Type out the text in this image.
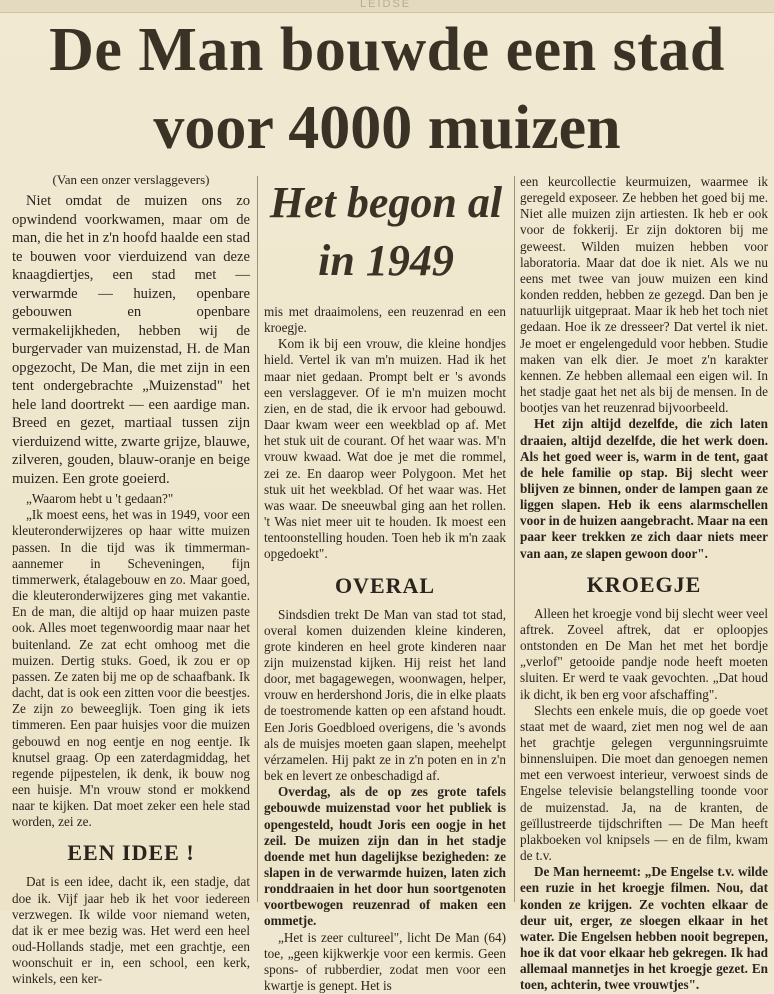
LEIDSE
De Man bouwde een stad
voor 4000 muizen

(Van een onzer verslaggevers)

Niet omdat de muizen ons zo opwindend voorkwamen, maar om de man, die het in z'n hoofd haalde een stad te bouwen voor vierduizend van deze knaagdiertjes, een stad met — verwarmde — huizen, openbare gebouwen en openbare vermakelijkheden, hebben wij de burgervader van muizenstad, H. de Man opgezocht, De Man, die met zijn in een tent ondergebrachte „Muizenstad" het hele land doortrekt — een aardige man. Breed en gezet, martiaal tussen zijn vierduizend witte, zwarte grijze, blauwe, zilveren, gouden, blauw-oranje en beige muizen. Een grote goeierd.

„Waarom hebt u 't gedaan?"

„Ik moest eens, het was in 1949, voor een kleuteronderwijzeres op haar witte muizen passen. In die tijd was ik timmerman-aannemer in Scheveningen, fijn timmerwerk, étalagebouw en zo. Maar goed, die kleuteronderwijzeres ging met vakantie. En de man, die altijd op haar muizen paste ook. Alles moet tegenwoordig maar naar het buitenland. Ze zat echt omhoog met die muizen. Dertig stuks. Goed, ik zou er op passen. Ze zaten bij me op de schaafbank. Ik dacht, dat is ook een zitten voor die beestjes. Ze zijn zo beweeglijk. Toen ging ik iets timmeren. Een paar huisjes voor die muizen gebouwd en nog eentje en nog eentje. Ik knutsel graag. Op een zaterdagmiddag, het regende pijpestelen, ik denk, ik bouw nog een huisje. M'n vrouw stond er mokkend naar te kijken. Dat moet zeker een hele stad worden, zei ze.

EEN IDEE !

Dat is een idee, dacht ik, een stadje, dat doe ik. Vijf jaar heb ik het voor iedereen verzwegen. Ik wilde voor niemand weten, dat ik er mee bezig was. Het werd een heel oud-Hollands stadje, met een grachtje, een woonschuit er in, een school, een kerk, winkels, een ker-

Het begon al
in 1949

mis met draaimolens, een reuzenrad en een kroegje.

Kom ik bij een vrouw, die kleine hondjes hield. Vertel ik van m'n muizen. Had ik het maar niet gedaan. Prompt belt er 's avonds een verslaggever. Of ie m'n muizen mocht zien, en de stad, die ik ervoor had gebouwd. Daar kwam weer een weekblad op af. Met het stuk uit de courant. Of het waar was. M'n vrouw kwaad. Wat doe je met die rommel, zei ze. En daarop weer Polygoon. Met het stuk uit het weekblad. Of het waar was. Het was waar. De sneeuwbal ging aan het rollen. 't Was niet meer uit te houden. Ik moest een tentoonstelling houden. Toen heb ik m'n zaak opgedoekt".

OVERAL

Sindsdien trekt De Man van stad tot stad, overal komen duizenden kleine kinderen, grote kinderen en heel grote kinderen naar zijn muizenstad kijken. Hij reist het land door, met bagagewegen, woonwagen, helper, vrouw en herdershond Joris, die in elke plaats de toestromende katten op een afstand houdt. Een Joris Goedbloed overigens, die 's avonds als de muisjes moeten gaan slapen, meehelpt vérzamelen. Hij pakt ze in z'n poten en in z'n bek en levert ze onbeschadigd af.

Overdag, als de op zes grote tafels gebouwde muizenstad voor het publiek is opengesteld, houdt Joris een oogje in het zeil. De muizen zijn dan in het stadje doende met hun dagelijkse bezigheden: ze slapen in de verwarmde huizen, laten zich ronddraaien in het door hun soortgenoten voortbewogen reuzenrad of maken een ommetje.

„Het is zeer cultureel", licht De Man (64) toe, „geen kijkwerkje voor een kermis. Geen spons- of rubberdier, zodat men voor een kwartje is genept. Het is

een keurcollectie keurmuizen, waarmee ik geregeld exposeer. Ze hebben het goed bij me. Niet alle muizen zijn artiesten. Ik heb er ook voor de fokkerij. Er zijn doktoren bij me geweest. Wilden muizen hebben voor laboratoria. Maar dat doe ik niet. Als we nu eens met twee van jouw muizen een kind konden redden, hebben ze gezegd. Dan ben je natuurlijk uitgepraat. Maar ik heb het toch niet gedaan. Hoe ik ze dresseer? Dat vertel ik niet. Je moet er engelengeduld voor hebben. Studie maken van elk dier. Je moet z'n karakter kennen. Ze hebben allemaal een eigen wil. In het stadje gaat het net als bij de mensen. In de bootjes van het reuzenrad bijvoorbeeld.

Het zijn altijd dezelfde, die zich laten draaien, altijd dezelfde, die het werk doen. Als het goed weer is, warm in de tent, gaat de hele familie op stap. Bij slecht weer blijven ze binnen, onder de lampen gaan ze liggen slapen. Heb ik eens alarmschellen voor in de huizen aangebracht. Maar na een paar keer trekken ze zich daar niets meer van aan, ze slapen gewoon door".

KROEGJE

Alleen het kroegje vond bij slecht weer veel aftrek. Zoveel aftrek, dat er oploopjes ontstonden en De Man het met het bordje „verlof" getooide pandje node heeft moeten sluiten. Er werd te vaak gevochten. „Dat houd ik dicht, ik ben erg voor afschaffing".

Slechts een enkele muis, die op goede voet staat met de waard, ziet men nog wel de aan het grachtje gelegen vergunningsruimte binnensluipen. Die moet dan genoegen nemen met een verwoest interieur, verwoest sinds de Engelse televisie belangstelling toonde voor de muizenstad. Ja, na de kranten, de geïllustreerde tijdschriften — De Man heeft plakboeken vol knipsels — en de film, kwam de t.v.

De Man herneemt: „De Engelse t.v. wilde een ruzie in het kroegje filmen. Nou, dat konden ze krijgen. Ze vochten elkaar de deur uit, erger, ze sloegen elkaar in het water. Die Engelsen hebben nooit begrepen, hoe ik dat voor elkaar heb gekregen. Ik had allemaal mannetjes in het kroegje gezet. En toen, achterin, twee vrouwtjes".
